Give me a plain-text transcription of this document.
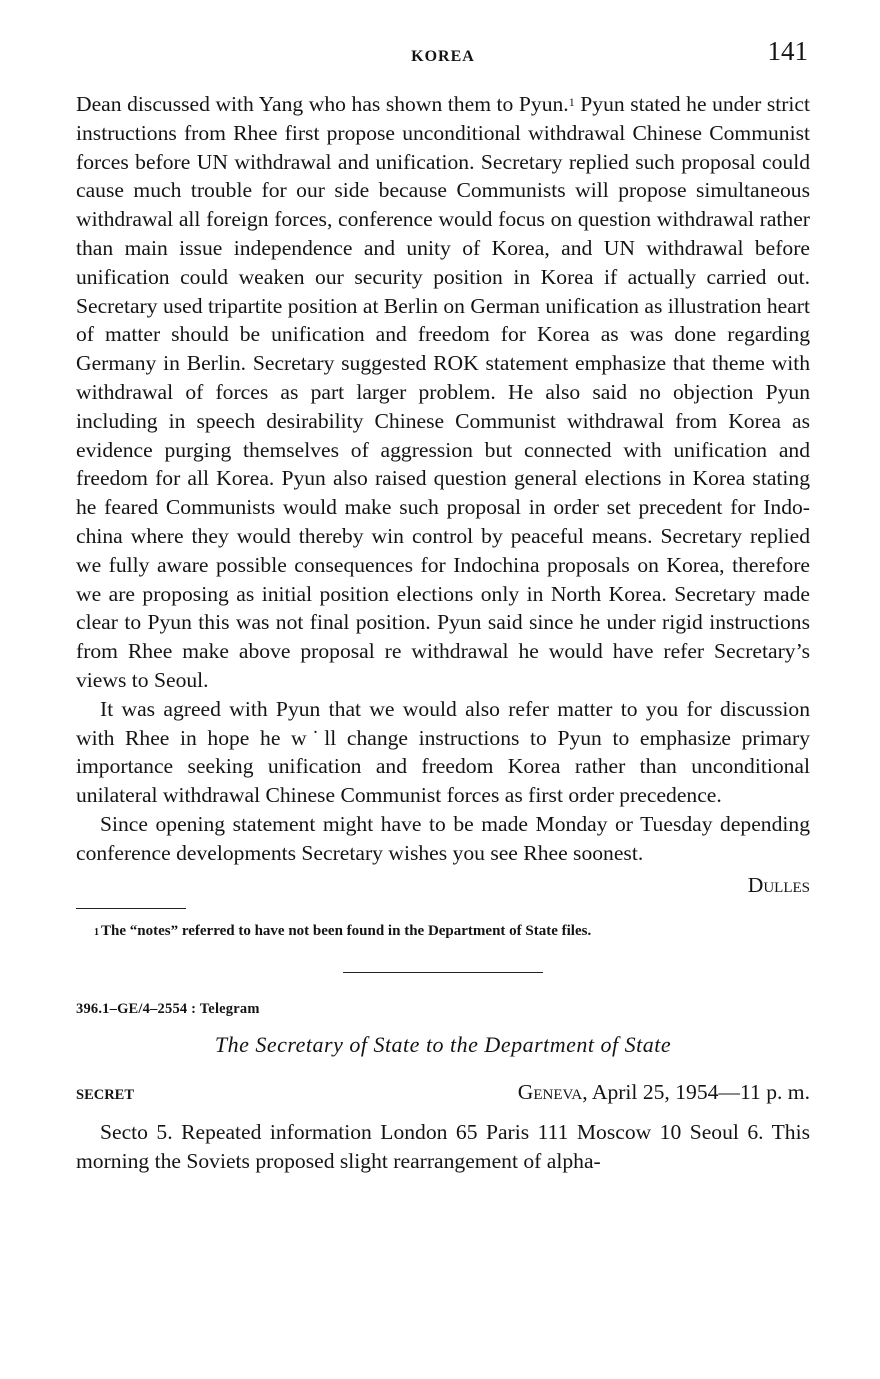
KOREA	141

Dean discussed with Yang who has shown them to Pyun.$^1$ Pyun stated he under strict instructions from Rhee first propose unconditional withdrawal Chinese Communist forces before UN withdrawal and unification. Secretary replied such proposal could cause much trouble for our side because Communists will propose simultaneous withdrawal all foreign forces, conference would focus on question withdrawal rather than main issue independence and unity of Korea, and UN withdrawal before unification could weaken our security position in Korea if actually carried out. Secretary used tripartite position at Berlin on German unification as illustration heart of matter should be unification and freedom for Korea as was done regarding Germany in Berlin. Secretary suggested ROK statement emphasize that theme with withdrawal of forces as part larger problem. He also said no objection Pyun including in speech desirability Chinese Communist withdrawal from Korea as evidence purging themselves of aggression but connected with unification and freedom for all Korea. Pyun also raised question general elections in Korea stating he feared Communists would make such proposal in order set precedent for Indochina where they would thereby win control by peaceful means. Secretary replied we fully aware possible consequences for Indochina proposals on Korea, therefore we are proposing as initial position elections only in North Korea. Secretary made clear to Pyun this was not final position. Pyun said since he under rigid instructions from Rhee make above proposal re withdrawal he would have refer Secretary’s views to Seoul.

It was agreed with Pyun that we would also refer matter to you for discussion with Rhee in hope he w˙ll change instructions to Pyun to emphasize primary importance seeking unification and freedom Korea rather than unconditional unilateral withdrawal Chinese Communist forces as first order precedence.

Since opening statement might have to be made Monday or Tuesday depending conference developments Secretary wishes you see Rhee soonest.

Dulles
$^1$ The “notes” referred to have not been found in the Department of State files.
396.1–GE/4–2554 : Telegram
The Secretary of State to the Department of State
SECRET	Geneva, April 25, 1954—11 p. m.

Secto 5. Repeated information London 65 Paris 111 Moscow 10 Seoul 6. This morning the Soviets proposed slight rearrangement of alpha-
